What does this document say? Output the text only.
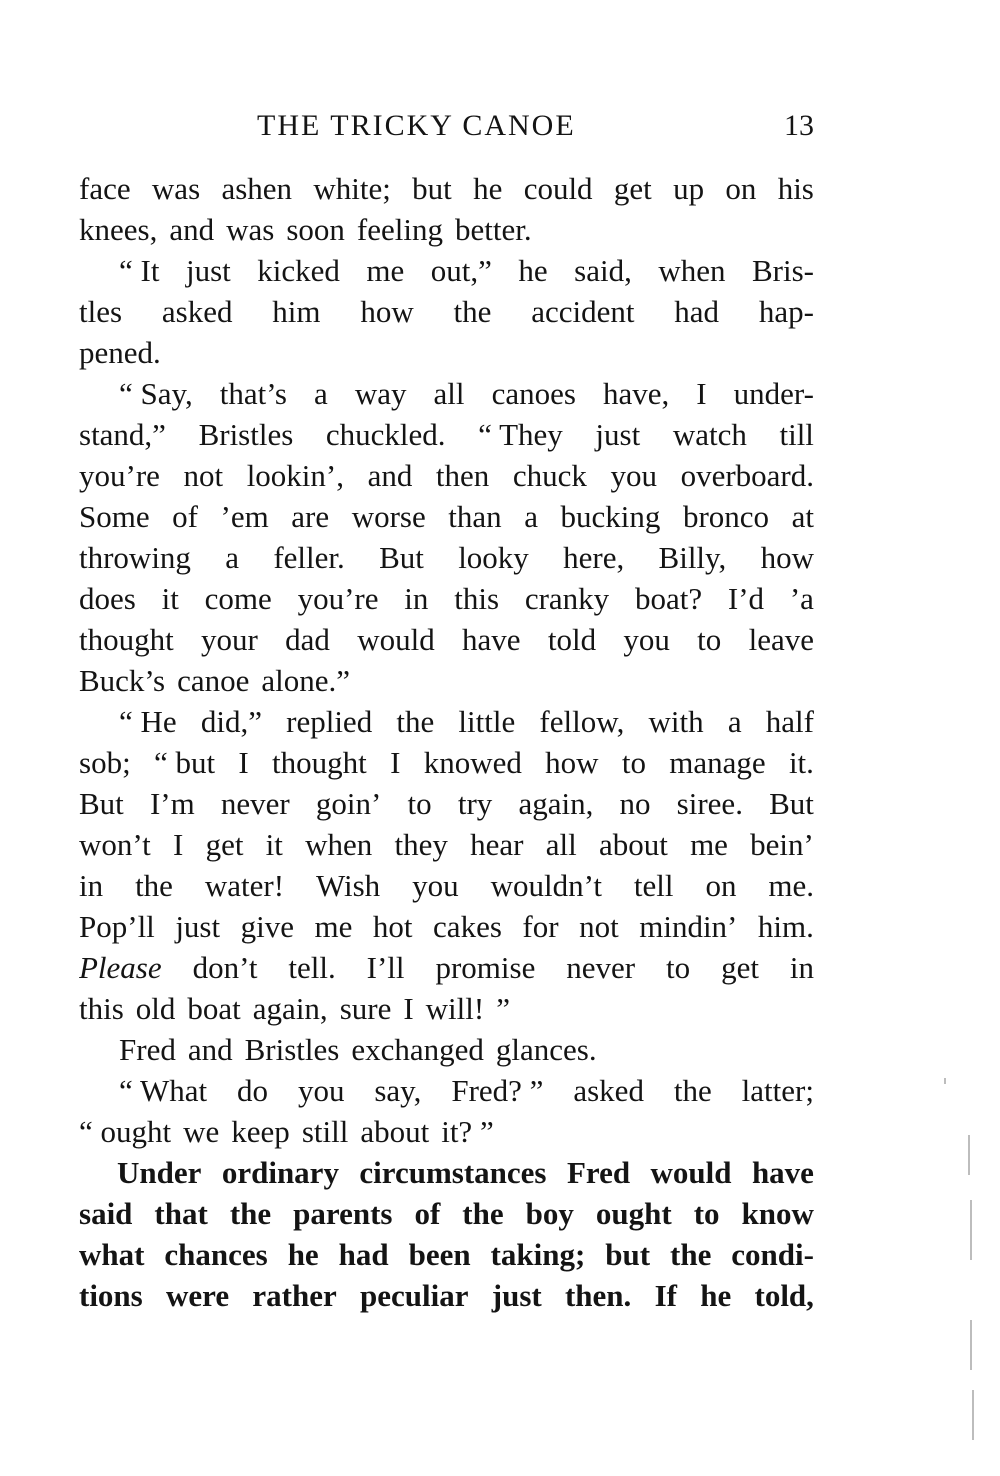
THE TRICKY CANOE	13
face was ashen white; but he could get up on his
knees, and was soon feeling better.
“ It just kicked me out,” he said, when Bris-
tles asked him how the accident had hap-
pened.
“ Say, that’s a way all canoes have, I under-
stand,” Bristles chuckled. “ They just watch till
you’re not lookin’, and then chuck you overboard.
Some of ’em are worse than a bucking bronco at
throwing a feller. But looky here, Billy, how
does it come you’re in this cranky boat? I’d ’a
thought your dad would have told you to leave
Buck’s canoe alone.”
“ He did,” replied the little fellow, with a half
sob; “ but I thought I knowed how to manage it.
But I’m never goin’ to try again, no siree. But
won’t I get it when they hear all about me bein’
in the water! Wish you wouldn’t tell on me.
Pop’ll just give me hot cakes for not mindin’ him.
Please don’t tell. I’ll promise never to get in
this old boat again, sure I will! ”
Fred and Bristles exchanged glances.
“ What do you say, Fred? ” asked the latter;
“ ought we keep still about it? ”
Under ordinary circumstances Fred would have
said that the parents of the boy ought to know
what chances he had been taking; but the condi-
tions were rather peculiar just then. If he told,
